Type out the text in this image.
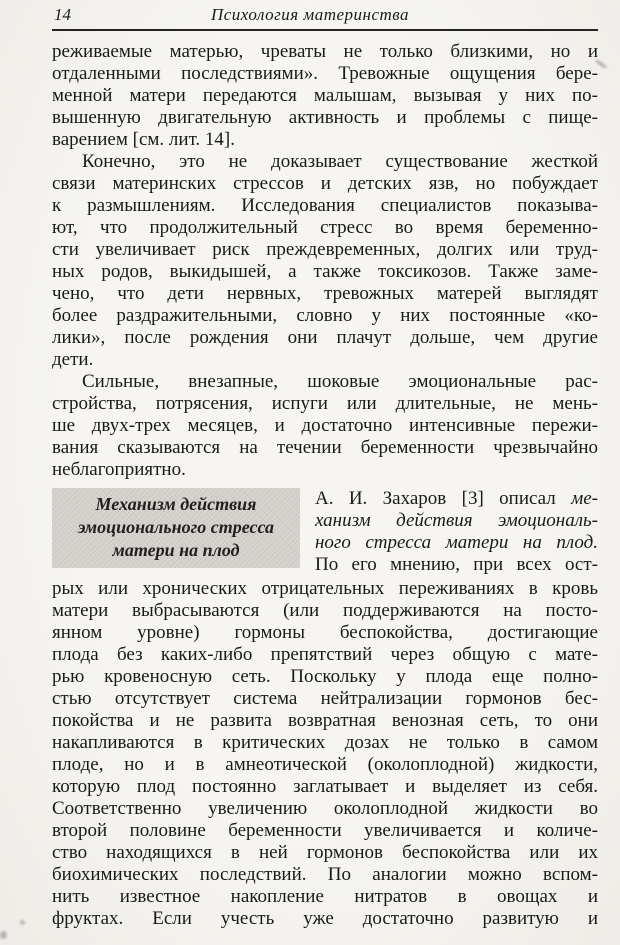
14	Психология материнства
реживаемые матерью, чреваты не только близкими, но и
отдаленными последствиями». Тревожные ощущения бере-
менной матери передаются малышам, вызывая у них по-
вышенную двигательную активность и проблемы с пище-
варением [см. лит. 14].
Конечно, это не доказывает существование жесткой
связи материнских стрессов и детских язв, но побуждает
к размышлениям. Исследования специалистов показыва-
ют, что продолжительный стресс во время беременно-
сти увеличивает риск преждевременных, долгих или труд-
ных родов, выкидышей, а также токсикозов. Также заме-
чено, что дети нервных, тревожных матерей выглядят
более раздражительными, словно у них постоянные «ко-
лики», после рождения они плачут дольше, чем другие
дети.
Сильные, внезапные, шоковые эмоциональные рас-
стройства, потрясения, испуги или длительные, не мень-
ше двух-трех месяцев, и достаточно интенсивные пережи-
вания сказываются на течении беременности чрезвычайно
неблагоприятно.
Механизм действия
эмоционального стресса
матери на плод
А. И. Захаров [3] описал ме-
ханизм действия эмоциональ-
ного стресса матери на плод.
По его мнению, при всех ост-
рых или хронических отрицательных переживаниях в кровь
матери выбрасываются (или поддерживаются на посто-
янном уровне) гормоны беспокойства, достигающие
плода без каких-либо препятствий через общую с мате-
рью кровеносную сеть. Поскольку у плода еще полно-
стью отсутствует система нейтрализации гормонов бес-
покойства и не развита возвратная венозная сеть, то они
накапливаются в критических дозах не только в самом
плоде, но и в амнеотической (околоплодной) жидкости,
которую плод постоянно заглатывает и выделяет из себя.
Соответственно увеличению околоплодной жидкости во
второй половине беременности увеличивается и количе-
ство находящихся в ней гормонов беспокойства или их
биохимических последствий. По аналогии можно вспом-
нить известное накопление нитратов в овощах и
фруктах. Если учесть уже достаточно развитую и
